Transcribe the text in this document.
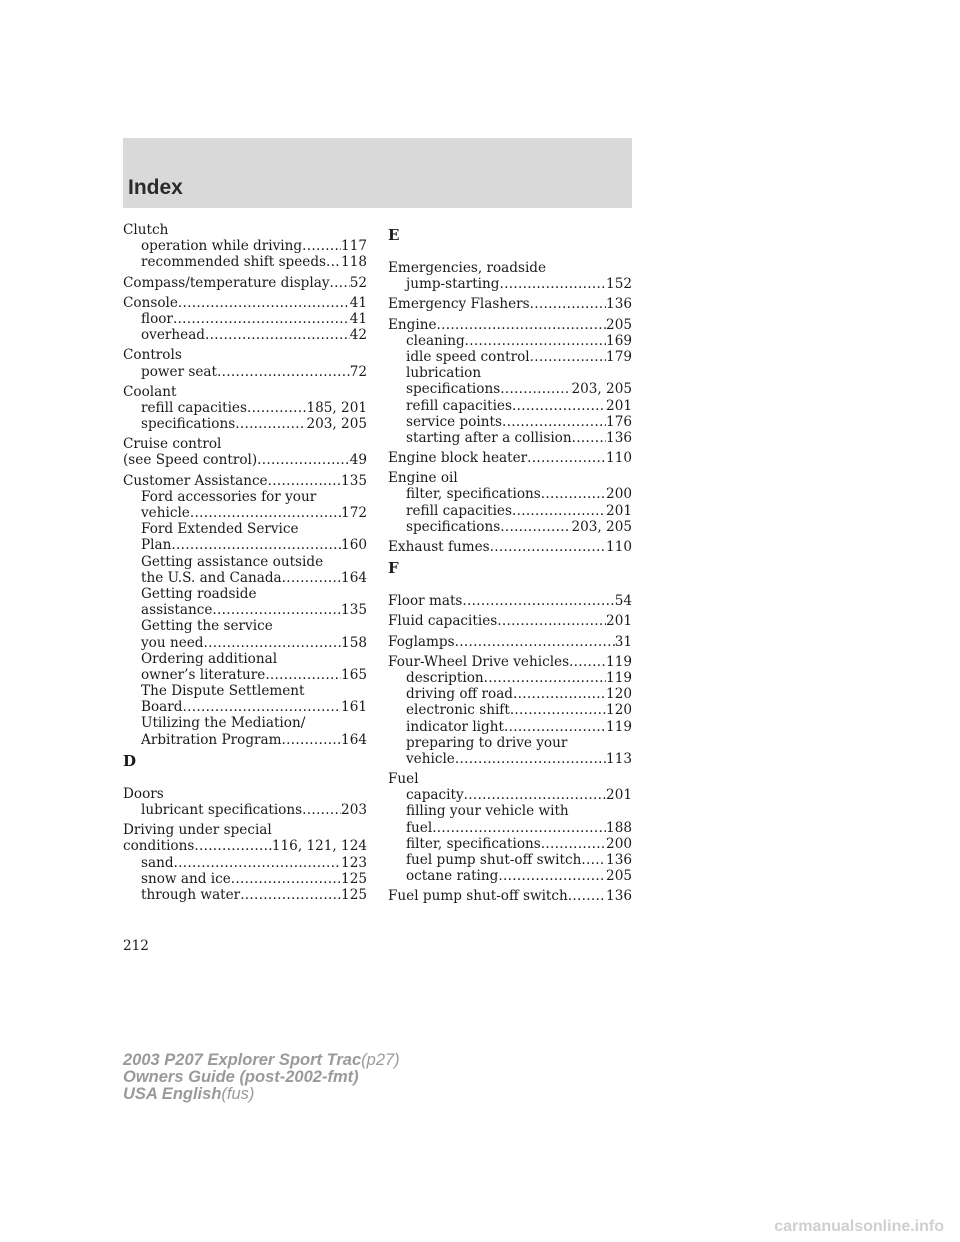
Index
Clutch
operation while driving .....	117
recommended shift speeds ..... 118
Compass/temperature display ..... 52
Console .....	41
floor .....	41
overhead .....	42
Controls
power seat .....	72
Coolant
refill capacities .....	185, 201
specifications .....	203, 205
Cruise control
(see Speed control) .....	49
Customer Assistance .....	135
Ford accessories for your
vehicle .....	172
Ford Extended Service
Plan .....	160
Getting assistance outside
the U.S. and Canada .....	164
Getting roadside
assistance .....	135
Getting the service
you need .....	158
Ordering additional
owner’s literature .....	165
The Dispute Settlement
Board .....	161
Utilizing the Mediation/
Arbitration Program .....	164
D
Doors
lubricant specifications .....	203
Driving under special
conditions .....	116, 121, 124
sand .....	123
snow and ice .....	125
through water .....	125
E
Emergencies, roadside
jump-starting .....	152
Emergency Flashers .....	136
Engine .....	205
cleaning .....	169
idle speed control .....	179
lubrication
specifications .....	203, 205
refill capacities .....	201
service points .....	176
starting after a collision .....	136
Engine block heater .....	110
Engine oil
filter, specifications .....	200
refill capacities .....	201
specifications .....	203, 205
Exhaust fumes .....	110
F
Floor mats .....	54
Fluid capacities .....	201
Foglamps .....	31
Four-Wheel Drive vehicles .....	119
description .....	119
driving off road .....	120
electronic shift .....	120
indicator light .....	119
preparing to drive your
vehicle .....	113
Fuel
capacity .....	201
filling your vehicle with
fuel .....	188
filter, specifications .....	200
fuel pump shut-off switch ..... 136
octane rating .....	205
Fuel pump shut-off switch .....	136
212
2003 P207 Explorer Sport Trac(p27)
Owners Guide (post-2002-fmt)
USA English(fus)
carmanualsonline.info
